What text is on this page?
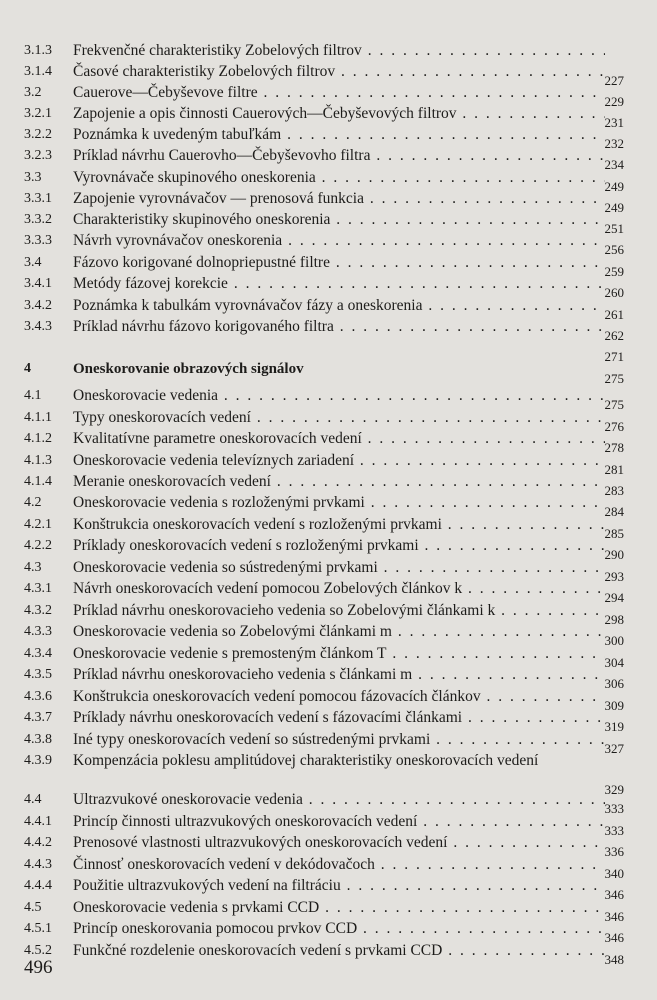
3.1.3 Frekvenčné charakteristiky Zobelových filtrov . . .
3.1.4 Časové charakteristiky Zobelových filtrov . . .
227
3.2 Cauerove—Čebyševove filtre . . .
229
3.2.1 Zapojenie a opis činnosti Cauerových—Čebyševových filtrov . . .
231
3.2.2 Poznámka k uvedeným tabuľkám . . .
232
3.2.3 Príklad návrhu Cauerovho—Čebyševovho filtra . . .
234
3.3 Vyrovnávače skupinového oneskorenia . . .
249
3.3.1 Zapojenie vyrovnávačov — prenosová funkcia . . .
249
3.3.2 Charakteristiky skupinového oneskorenia . . .
251
3.3.3 Návrh vyrovnávačov oneskorenia . . .
256
3.4 Fázovo korigované dolnopriepustné filtre . . .
259
3.4.1 Metódy fázovej korekcie . . .
260
3.4.2 Poznámka k tabulkám vyrovnávačov fázy a oneskorenia . . .
261
3.4.3 Príklad návrhu fázovo korigovaného filtra . . .
262
271
4	Oneskorovanie obrazových signálov
275
4.1 Oneskorovacie vedenia . . .
275
4.1.1 Typy oneskorovacích vedení . . .
276
4.1.2 Kvalitatívne parametre oneskorovacích vedení . . .
278
4.1.3 Oneskorovacie vedenia televíznych zariadení . . .
281
4.1.4 Meranie oneskorovacích vedení . . .
283
4.2 Oneskorovacie vedenia s rozloženými prvkami . . .
284
4.2.1 Konštrukcia oneskorovacích vedení s rozloženými prvkami . . .
285
4.2.2 Príklady oneskorovacích vedení s rozloženými prvkami . . .
290
4.3 Oneskorovacie vedenia so sústredenými prvkami . . .
293
4.3.1 Návrh oneskorovacích vedení pomocou Zobelových článkov k . . .
294
4.3.2 Príklad návrhu oneskorovacieho vedenia so Zobelovými článkami k . . .
298
4.3.3 Oneskorovacie vedenia so Zobelovými článkami m . . .
300
4.3.4 Oneskorovacie vedenie s premosteným článkom T . . .
304
4.3.5 Príklad návrhu oneskorovacieho vedenia s článkami m . . .
306
4.3.6 Konštrukcia oneskorovacích vedení pomocou fázovacích článkov . . .
309
4.3.7 Príklady návrhu oneskorovacích vedení s fázovacími článkami . . .
319
4.3.8 Iné typy oneskorovacích vedení so sústredenými prvkami . . .
327
4.3.9 Kompenzácia poklesu amplitúdovej charakteristiky oneskorovacích vedení
329
4.4 Ultrazvukové oneskorovacie vedenia . . .
333
4.4.1 Princíp činnosti ultrazvukových oneskorovacích vedení . . .
333
4.4.2 Prenosové vlastnosti ultrazvukových oneskorovacích vedení . . .
336
4.4.3 Činnosť oneskorovacích vedení v dekódovačoch . . .
340
4.4.4 Použitie ultrazvukových vedení na filtráciu . . .
346
4.5 Oneskorovacie vedenia s prvkami CCD . . .
346
4.5.1 Princíp oneskorovania pomocou prvkov CCD . . .
346
4.5.2 Funkčné rozdelenie oneskorovacích vedení s prvkami CCD . . .
348
496
